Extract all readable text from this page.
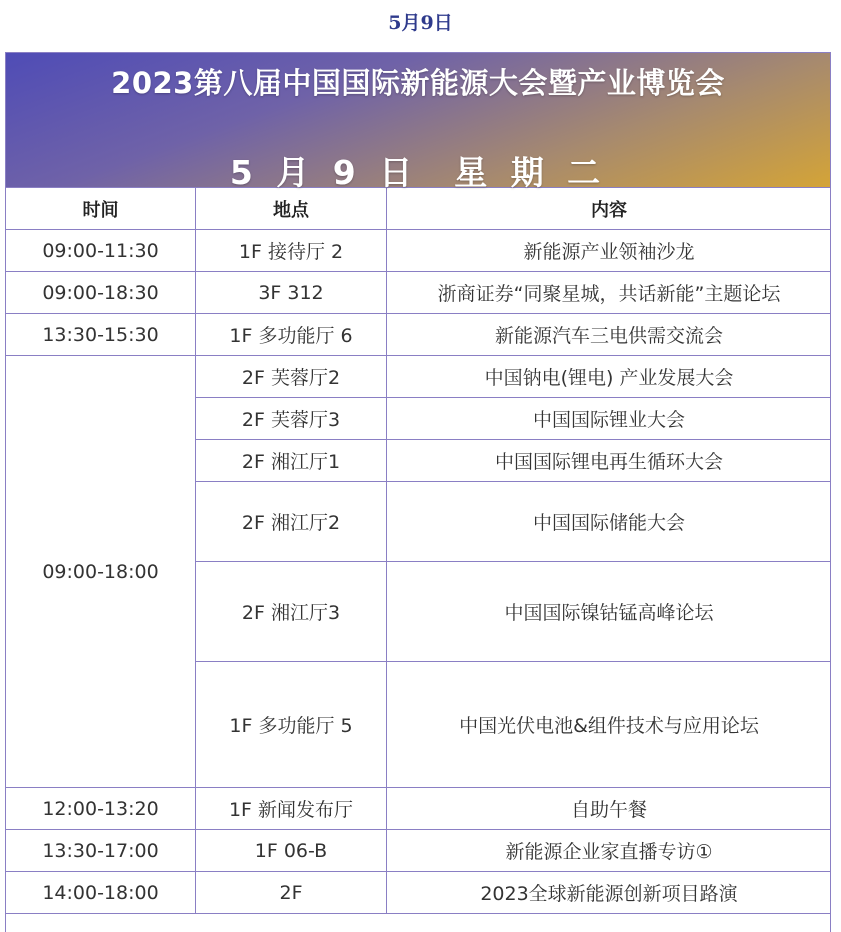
5月9日
2023第八届中国国际新能源大会暨产业博览会
5 月 9 日 星 期 二
时间	地点	内容
09:00-11:30	1F 接待厅 2	新能源产业领袖沙龙
09:00-18:30	3F 312	浙商证券“同聚星城，共话新能”主题论坛
13:30-15:30	1F 多功能厅 6	新能源汽车三电供需交流会
09:00-18:00	2F 芙蓉厅2	中国钠电(锂电) 产业发展大会
	2F 芙蓉厅3	中国国际锂业大会
	2F 湘江厅1	中国国际锂电再生循环大会
	2F 湘江厅2	中国国际储能大会
	2F 湘江厅3	中国国际镍钴锰高峰论坛
	1F 多功能厅 5	中国光伏电池&组件技术与应用论坛
12:00-13:20	1F 新闻发布厅	自助午餐
13:30-17:00	1F 06-B	新能源企业家直播专访①
14:00-18:00	2F	2023全球新能源创新项目路演
